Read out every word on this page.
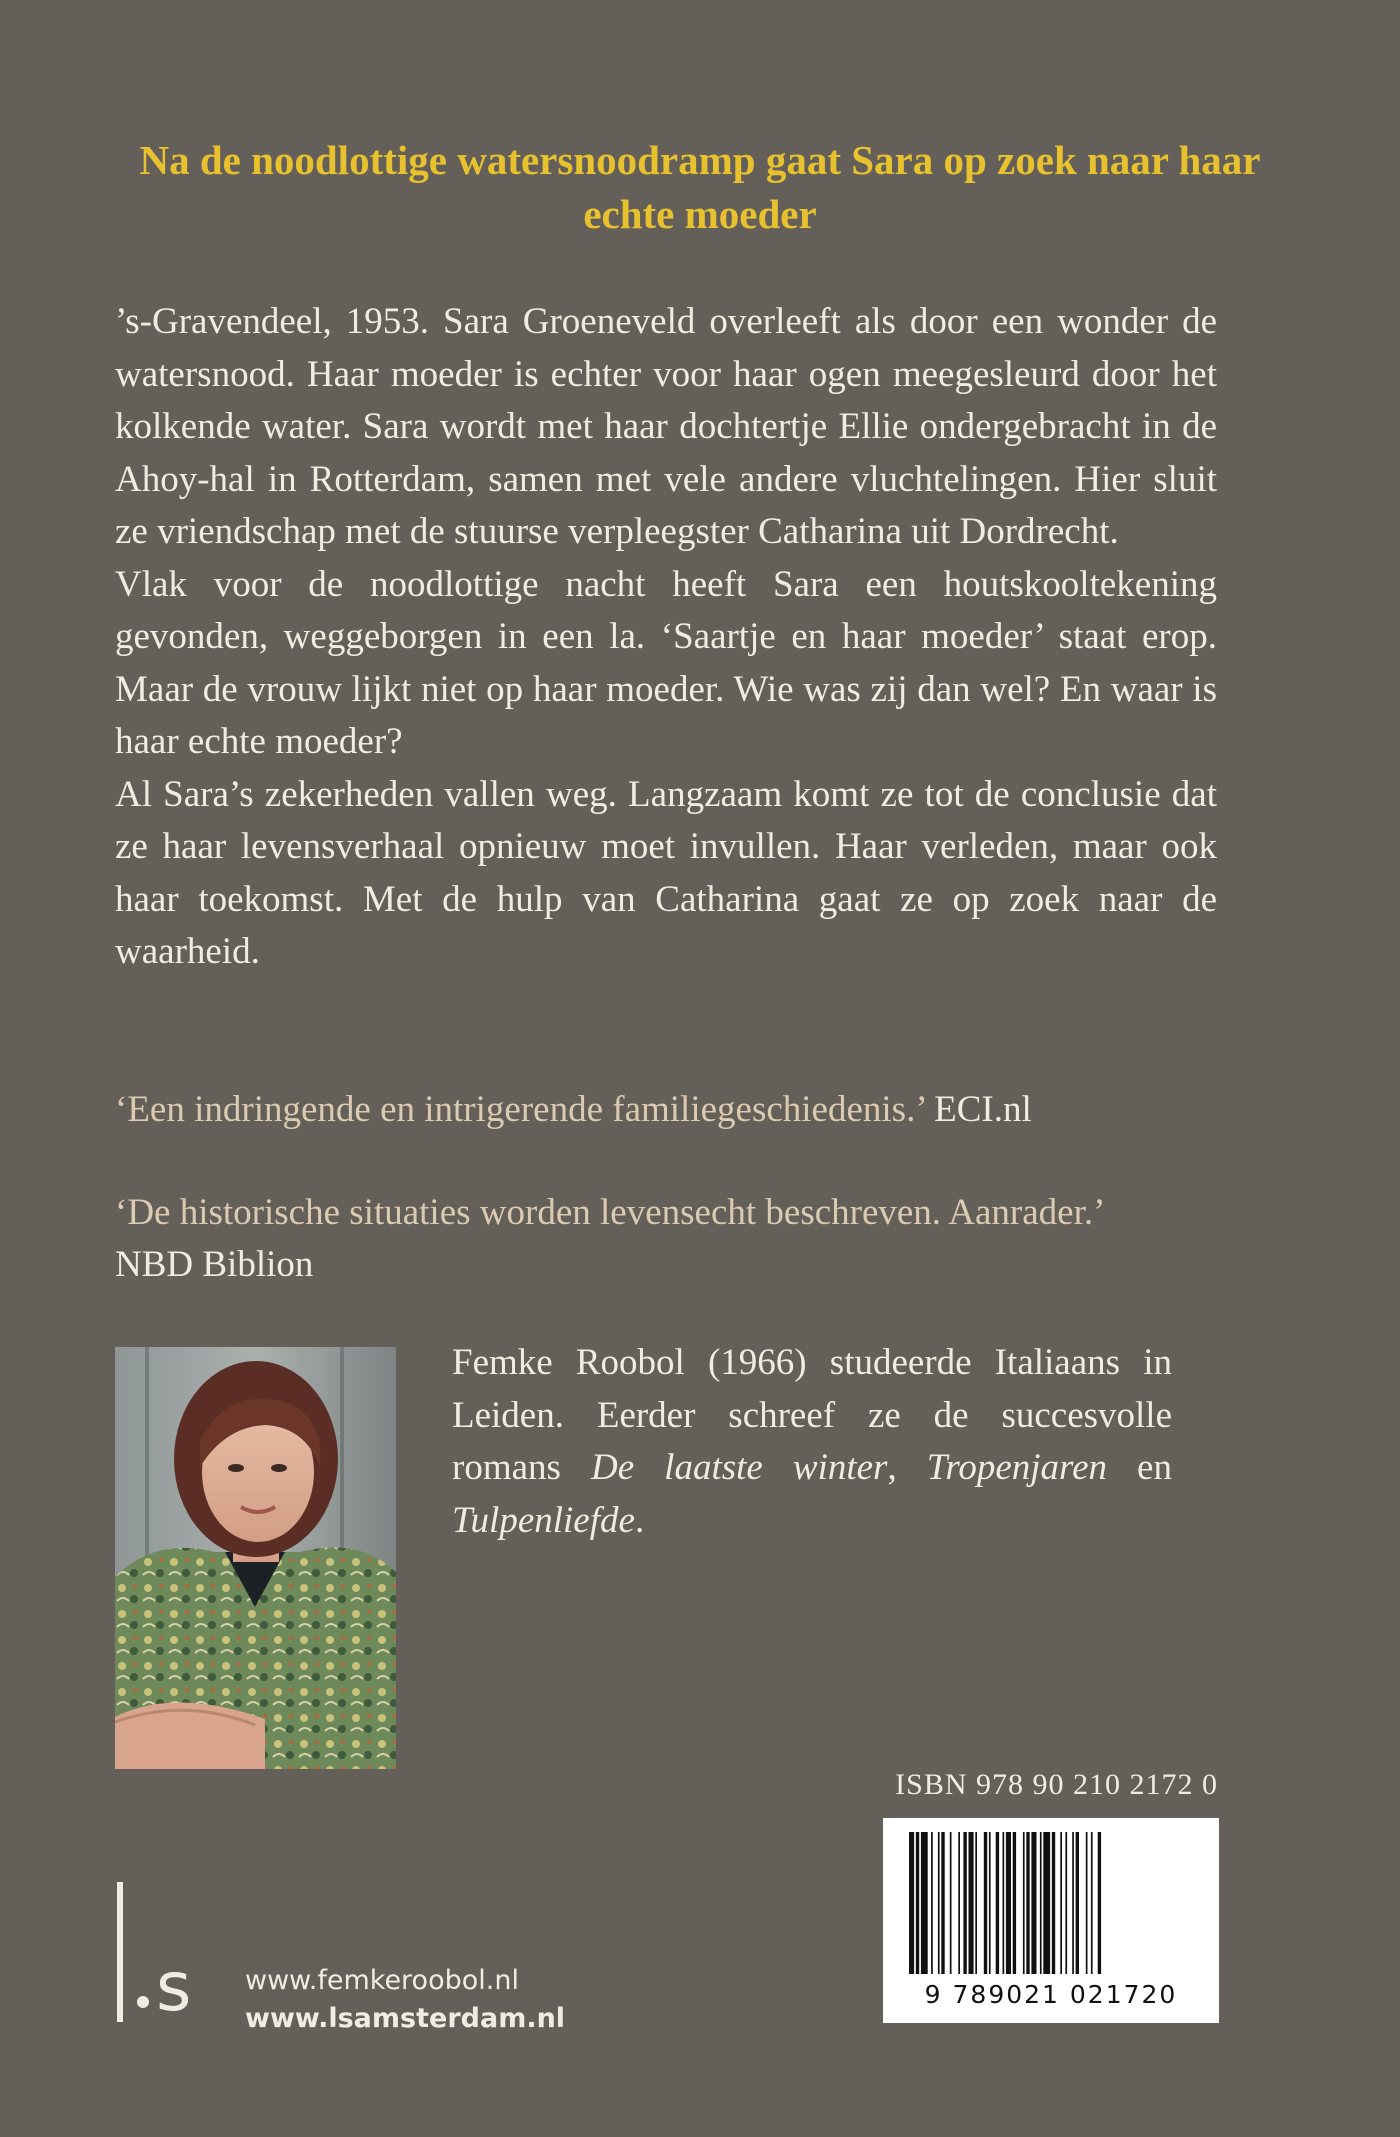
Na de noodlottige watersnoodramp gaat Sara op zoek naar haar echte moeder

’s-Gravendeel, 1953. Sara Groeneveld overleeft als door een wonder de watersnood. Haar moeder is echter voor haar ogen meegesleurd door het kolkende water. Sara wordt met haar dochtertje Ellie ondergebracht in de Ahoy-hal in Rotterdam, samen met vele andere vluchtelingen. Hier sluit ze vriendschap met de stuurse verpleegster Catharina uit Dordrecht.

Vlak voor de noodlottige nacht heeft Sara een houtskooltekening gevonden, weggeborgen in een la. ‘Saartje en haar moeder’ staat erop. Maar de vrouw lijkt niet op haar moeder. Wie was zij dan wel? En waar is haar echte moeder?

Al Sara’s zekerheden vallen weg. Langzaam komt ze tot de conclusie dat ze haar levensverhaal opnieuw moet invullen. Haar verleden, maar ook haar toekomst. Met de hulp van Catharina gaat ze op zoek naar de waarheid.

‘Een indringende en intrigerende familiegeschiedenis.’ ECI.nl

‘De historische situaties worden levensecht beschreven. Aanrader.’
NBD Biblion

Femke Roobol (1966) studeerde Italiaans in Leiden. Eerder schreef ze de succesvolle romans De laatste winter, Tropenjaren en Tulpenliefde.

ISBN 978 90 210 2172 0

9 789021 021720
s www.femkeroobol.nl
www.lsamsterdam.nl
